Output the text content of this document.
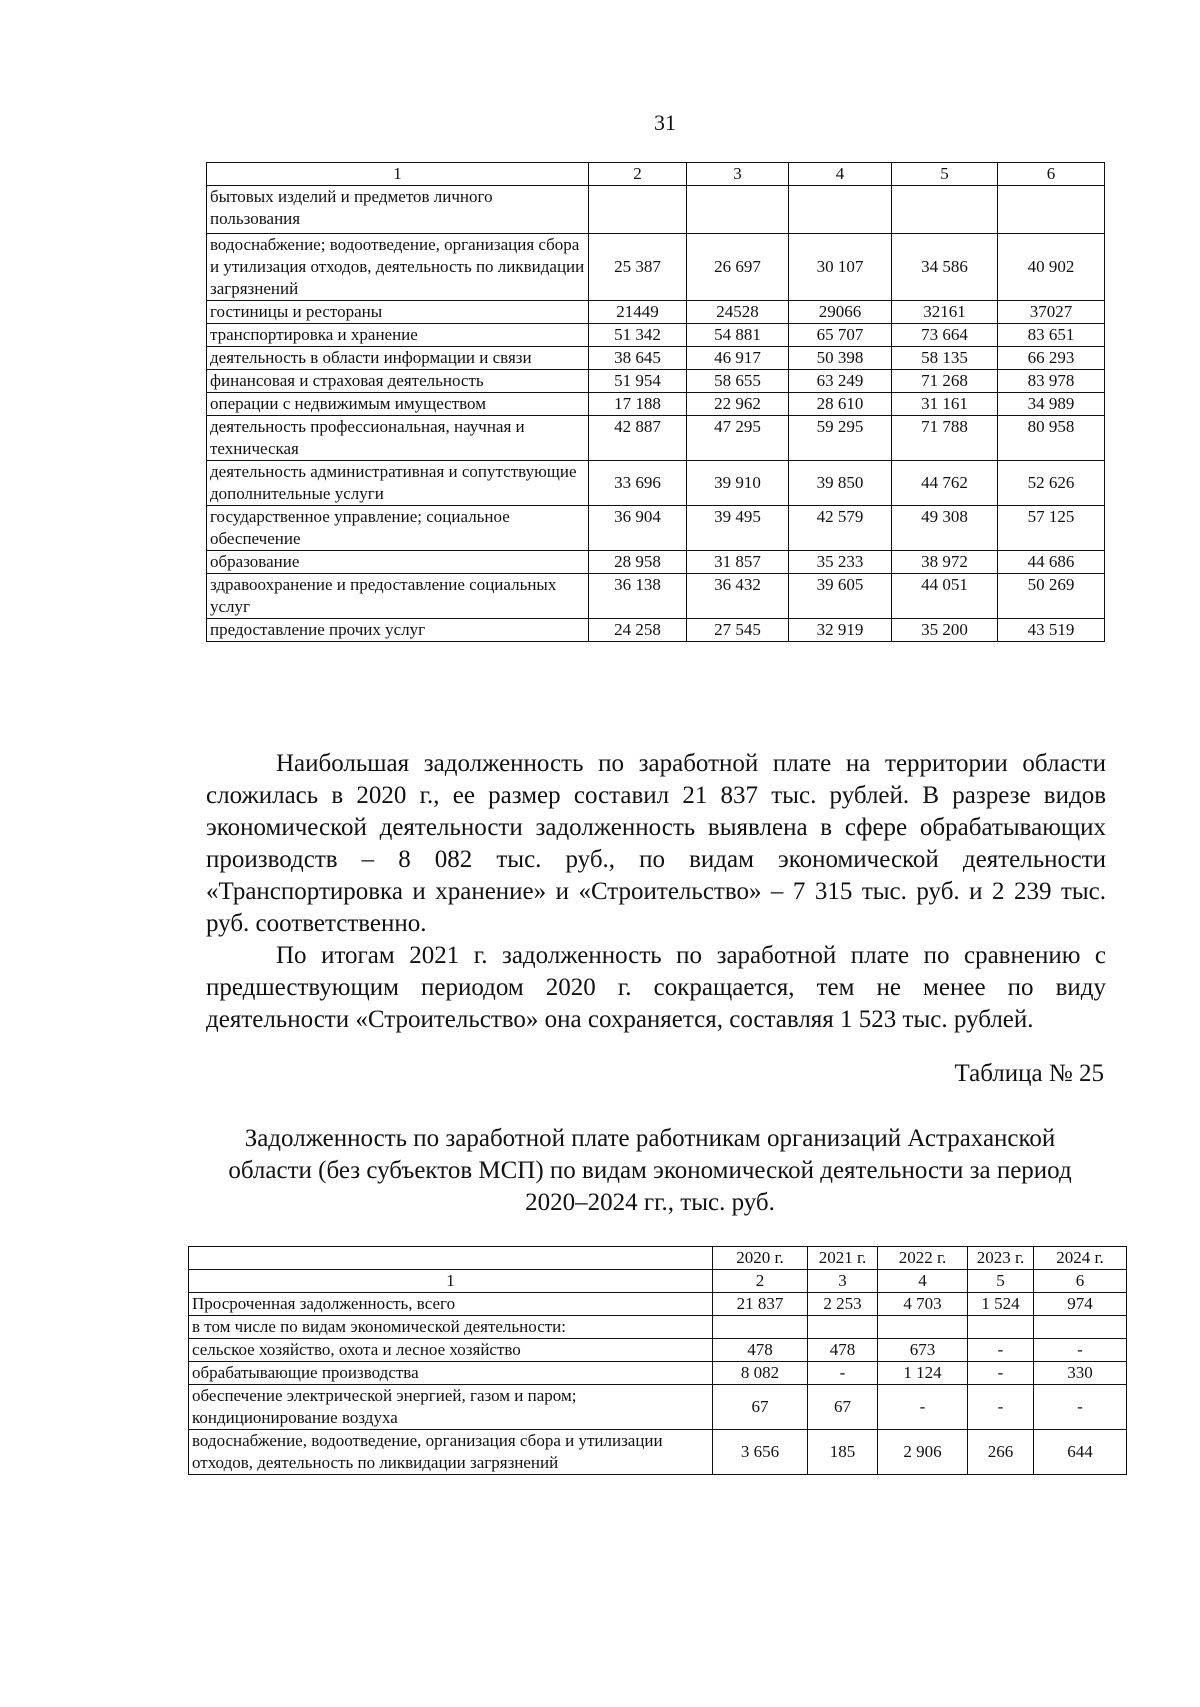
31
1	2	3	4	5	6
бытовых изделий и предметов личного пользования					
водоснабжение; водоотведение, организация сбора и утилизация отходов, деятельность по ликвидации загрязнений	25 387	26 697	30 107	34 586	40 902
гостиницы и рестораны	21449	24528	29066	32161	37027
транспортировка и хранение	51 342	54 881	65 707	73 664	83 651
деятельность в области информации и связи	38 645	46 917	50 398	58 135	66 293
финансовая и страховая деятельность	51 954	58 655	63 249	71 268	83 978
операции с недвижимым имуществом	17 188	22 962	28 610	31 161	34 989
деятельность профессиональная, научная и техническая	42 887	47 295	59 295	71 788	80 958
деятельность административная и сопутствующие дополнительные услуги	33 696	39 910	39 850	44 762	52 626
государственное управление; социальное обеспечение	36 904	39 495	42 579	49 308	57 125
образование	28 958	31 857	35 233	38 972	44 686
здравоохранение и предоставление социальных услуг	36 138	36 432	39 605	44 051	50 269
предоставление прочих услуг	24 258	27 545	32 919	35 200	43 519

Наибольшая задолженность по заработной плате на территории области сложилась в 2020 г., ее размер составил 21 837 тыс. рублей. В разрезе видов экономической деятельности задолженность выявлена в сфере обрабатывающих производств – 8 082 тыс. руб., по видам экономической деятельности «Транспортировка и хранение» и «Строительство» – 7 315 тыс. руб. и 2 239 тыс. руб. соответственно.

По итогам 2021 г. задолженность по заработной плате по сравнению с предшествующим периодом 2020 г. сокращается, тем не менее по виду деятельности «Строительство» она сохраняется, составляя 1 523 тыс. рублей.

Таблица № 25

Задолженность по заработной плате работникам организаций Астраханской области (без субъектов МСП) по видам экономической деятельности за период 2020–2024 гг., тыс. руб.

	2020 г.	2021 г.	2022 г.	2023 г.	2024 г.
1	2	3	4	5	6
Просроченная задолженность, всего	21 837	2 253	4 703	1 524	974
в том числе по видам экономической деятельности:					
сельское хозяйство, охота и лесное хозяйство	478	478	673	-	-
обрабатывающие производства	8 082	-	1 124	-	330
обеспечение электрической энергией, газом и паром; кондиционирование воздуха	67	67	-	-	-
водоснабжение, водоотведение, организация сбора и утилизации отходов, деятельность по ликвидации загрязнений	3 656	185	2 906	266	644
